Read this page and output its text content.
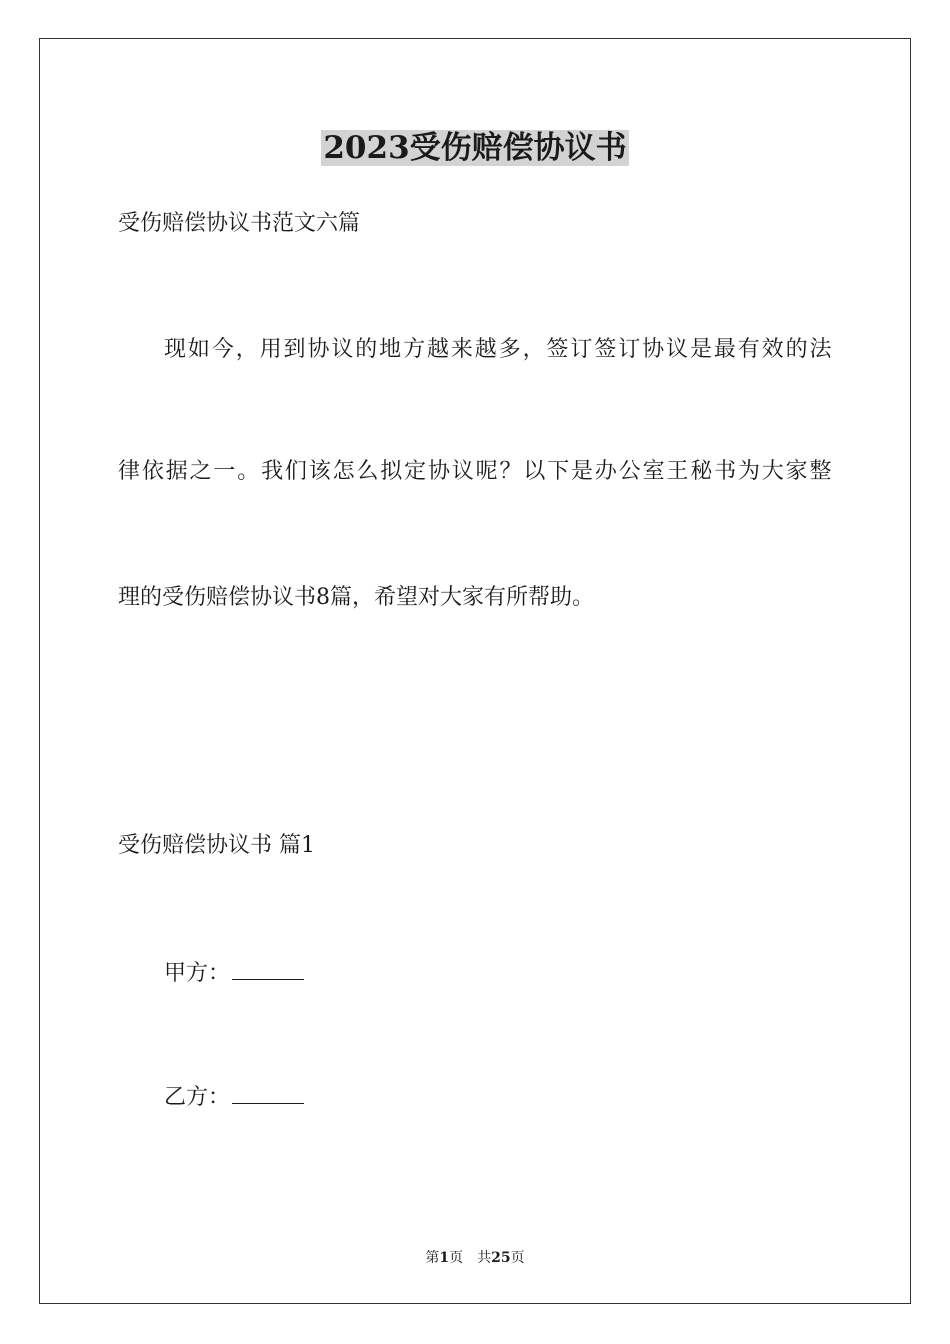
2023受伤赔偿协议书

受伤赔偿协议书范文六篇

现如今，用到协议的地方越来越多，签订签订协议是最有效的法

律依据之一。我们该怎么拟定协议呢？以下是办公室王秘书为大家整

理的受伤赔偿协议书8篇，希望对大家有所帮助。

受伤赔偿协议书 篇1

甲方：

乙方：

第1页 共25页
